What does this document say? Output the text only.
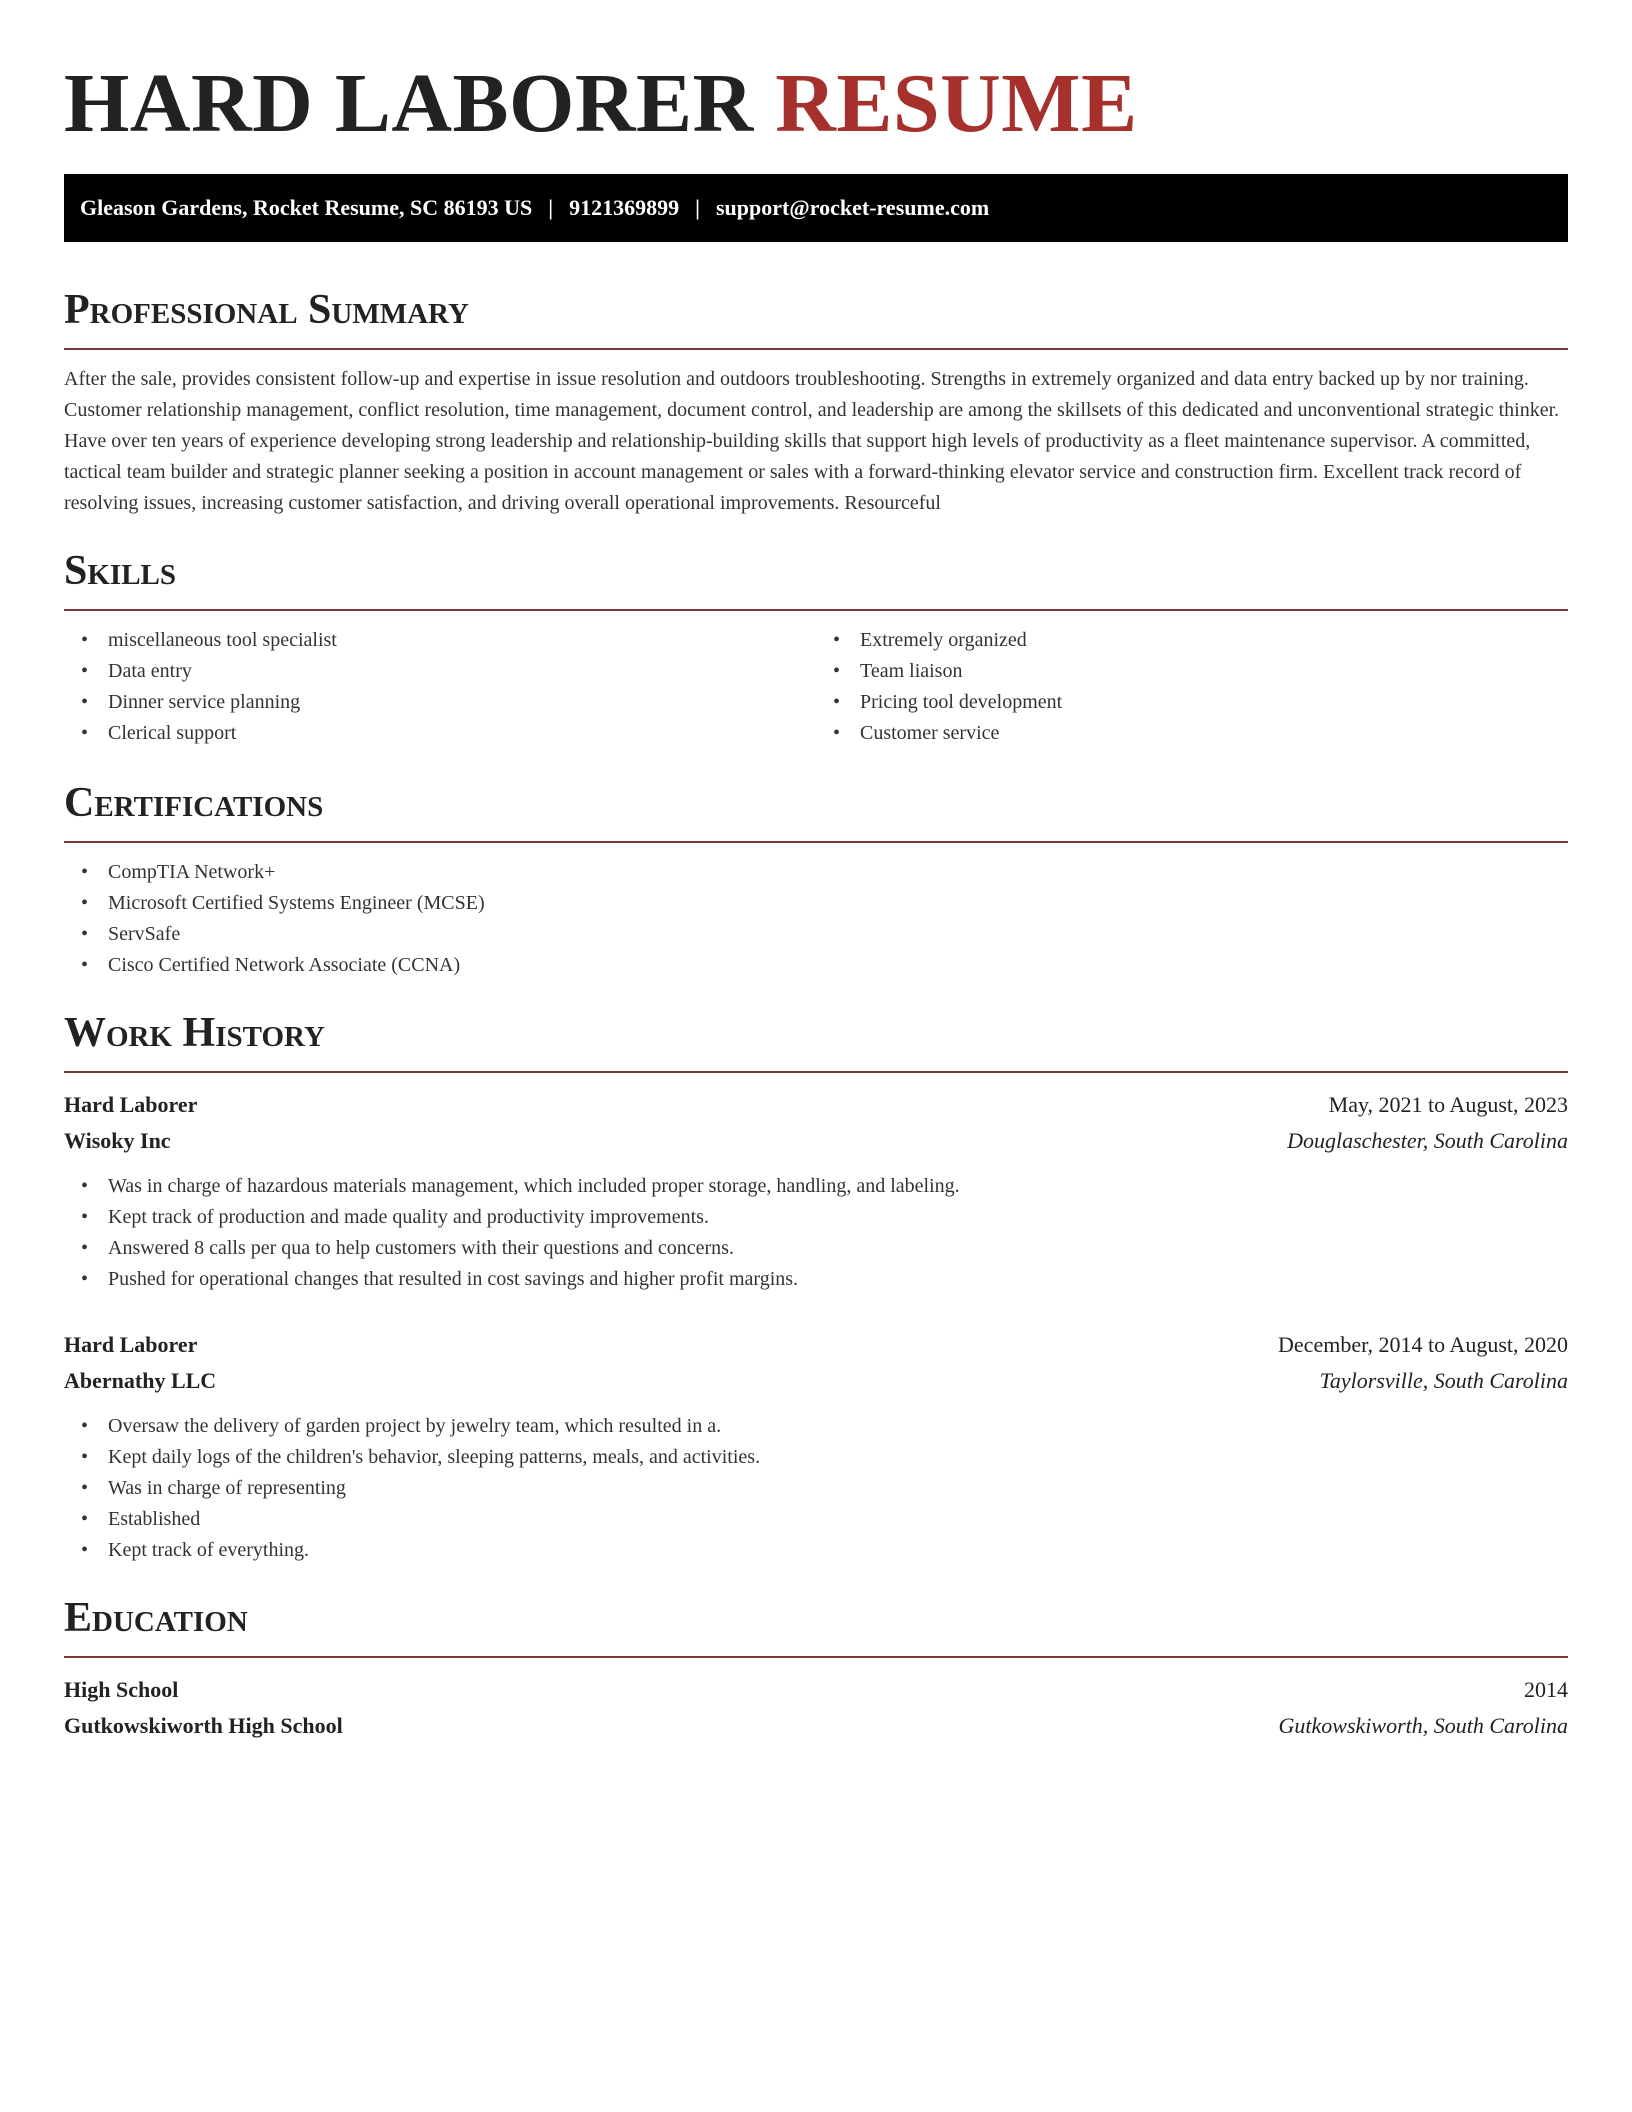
HARD LABORER RESUME
Gleason Gardens, Rocket Resume, SC 86193 US | 9121369899 | support@rocket-resume.com
Professional Summary

After the sale, provides consistent follow-up and expertise in issue resolution and outdoors troubleshooting. Strengths in extremely organized and data entry backed up by nor training. Customer relationship management, conflict resolution, time management, document control, and leadership are among the skillsets of this dedicated and unconventional strategic thinker. Have over ten years of experience developing strong leadership and relationship-building skills that support high levels of productivity as a fleet maintenance supervisor. A committed, tactical team builder and strategic planner seeking a position in account management or sales with a forward-thinking elevator service and construction firm. Excellent track record of resolving issues, increasing customer satisfaction, and driving overall operational improvements. Resourceful

Skills
• miscellaneous tool specialist
• Data entry
• Dinner service planning
• Clerical support
• Extremely organized
• Team liaison
• Pricing tool development
• Customer service
Certifications
• CompTIA Network+
• Microsoft Certified Systems Engineer (MCSE)
• ServSafe
• Cisco Certified Network Associate (CCNA)
Work History
Hard Laborer	May, 2021 to August, 2023
Wisoky Inc	Douglaschester, South Carolina
• Was in charge of hazardous materials management, which included proper storage, handling, and labeling.
• Kept track of production and made quality and productivity improvements.
• Answered 8 calls per qua to help customers with their questions and concerns.
• Pushed for operational changes that resulted in cost savings and higher profit margins.
Hard Laborer	December, 2014 to August, 2020
Abernathy LLC	Taylorsville, South Carolina
• Oversaw the delivery of garden project by jewelry team, which resulted in a.
• Kept daily logs of the children's behavior, sleeping patterns, meals, and activities.
• Was in charge of representing
• Established
• Kept track of everything.
Education
High School	2014
Gutkowskiworth High School	Gutkowskiworth, South Carolina
